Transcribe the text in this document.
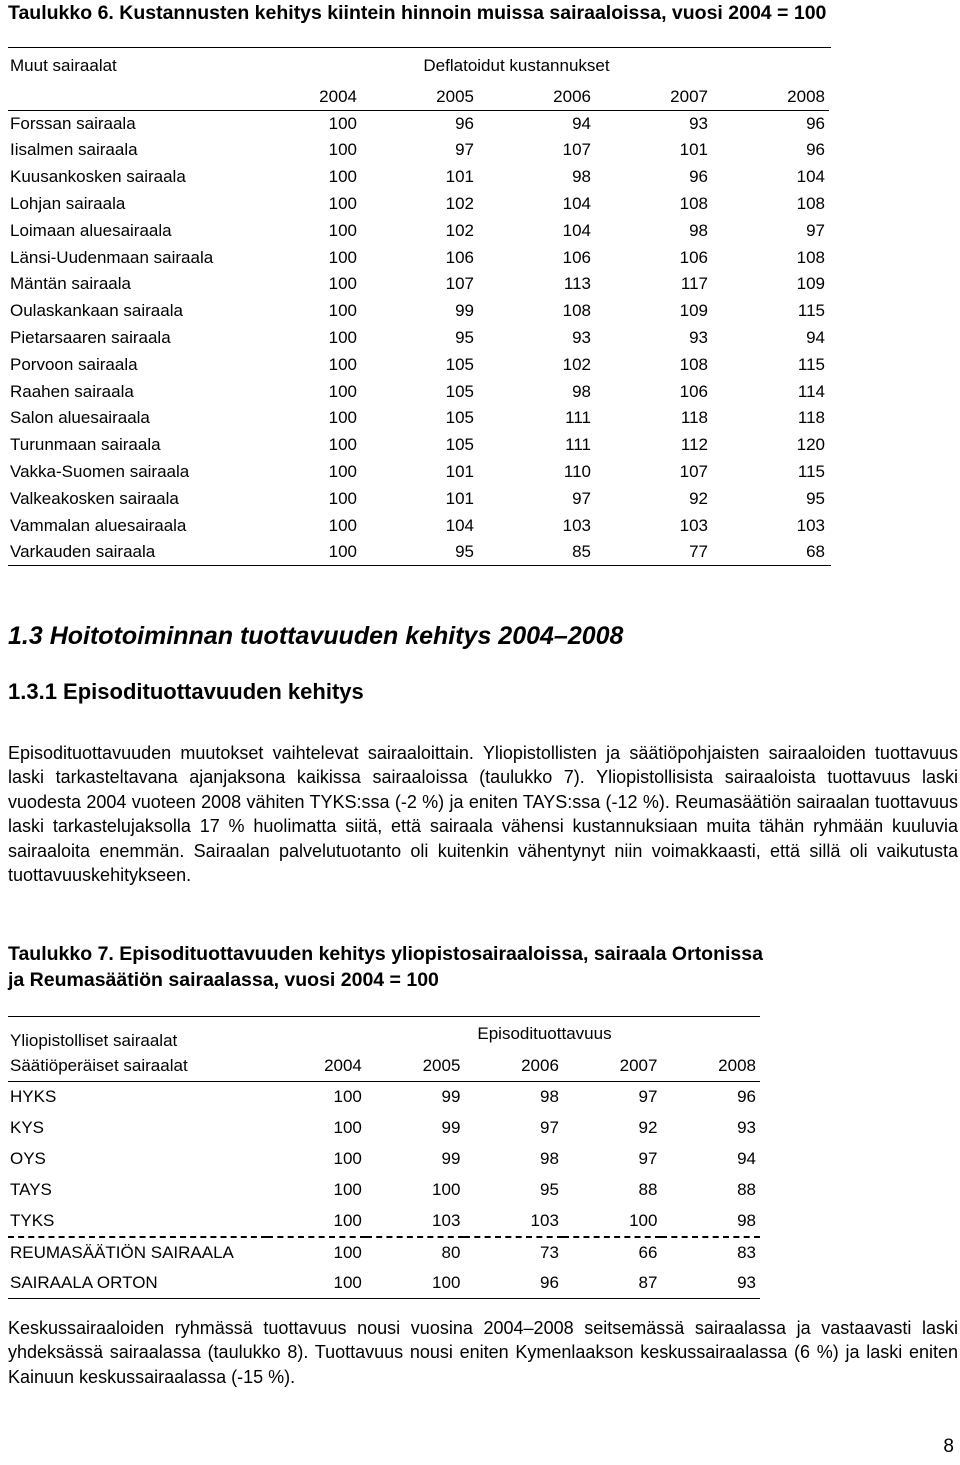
Taulukko 6. Kustannusten kehitys kiintein hinnoin muissa sairaaloissa, vuosi 2004 = 100
Muut sairaalat		Deflatoidut kustannukset				
	2004	2005	2006	2007	2008	
Forssan sairaala	100	96	94	93	96	
Iisalmen sairaala	100	97	107	101	96	
Kuusankosken sairaala	100	101	98	96	104	
Lohjan sairaala	100	102	104	108	108	
Loimaan aluesairaala	100	102	104	98	97	
Länsi-Uudenmaan sairaala	100	106	106	106	108	
Mäntän sairaala	100	107	113	117	109	
Oulaskankaan sairaala	100	99	108	109	115	
Pietarsaaren sairaala	100	95	93	93	94	
Porvoon sairaala	100	105	102	108	115	
Raahen sairaala	100	105	98	106	114	
Salon aluesairaala	100	105	111	118	118	
Turunmaan sairaala	100	105	111	112	120	
Vakka-Suomen sairaala	100	101	110	107	115	
Valkeakosken sairaala	100	101	97	92	95	
Vammalan aluesairaala	100	104	103	103	103	
Varkauden sairaala	100	95	85	77	68	
1.3 Hoitotoiminnan tuottavuuden kehitys 2004–2008
1.3.1 Episodituottavuuden kehitys
Episodituottavuuden muutokset vaihtelevat sairaaloittain. Yliopistollisten ja säätiöpohjaisten sairaaloiden tuottavuus laski tarkasteltavana ajanjaksona kaikissa sairaaloissa (taulukko 7). Yliopistollisista sairaaloista tuottavuus laski vuodesta 2004 vuoteen 2008 vähiten TYKS:ssa (-2 %) ja eniten TAYS:ssa (-12 %). Reumasäätiön sairaalan tuottavuus laski tarkastelujaksolla 17 % huolimatta siitä, että sairaala vähensi kustannuksiaan muita tähän ryhmään kuuluvia sairaaloita enemmän. Sairaalan palvelutuotanto oli kuitenkin vähentynyt niin voimakkaasti, että sillä oli vaikutusta tuottavuuskehitykseen.
Taulukko 7. Episodituottavuuden kehitys yliopistosairaaloissa, sairaala Ortonissa
ja Reumasäätiön sairaalassa, vuosi 2004 = 100
Yliopistolliset sairaalat	Episodituottavuus				
Säätiöperäiset sairaalat	2004	2005	2006	2007	2008
HYKS	100	99	98	97	96
KYS	100	99	97	92	93
OYS	100	99	98	97	94
TAYS	100	100	95	88	88
TYKS	100	103	103	100	98
REUMASÄÄTIÖN SAIRAALA	100	80	73	66	83
SAIRAALA ORTON	100	100	96	87	93
Keskussairaaloiden ryhmässä tuottavuus nousi vuosina 2004–2008 seitsemässä sairaalassa ja vastaavasti laski yhdeksässä sairaalassa (taulukko 8). Tuottavuus nousi eniten Kymenlaakson keskussairaalassa (6 %) ja laski eniten Kainuun keskussairaalassa (-15 %).
8
